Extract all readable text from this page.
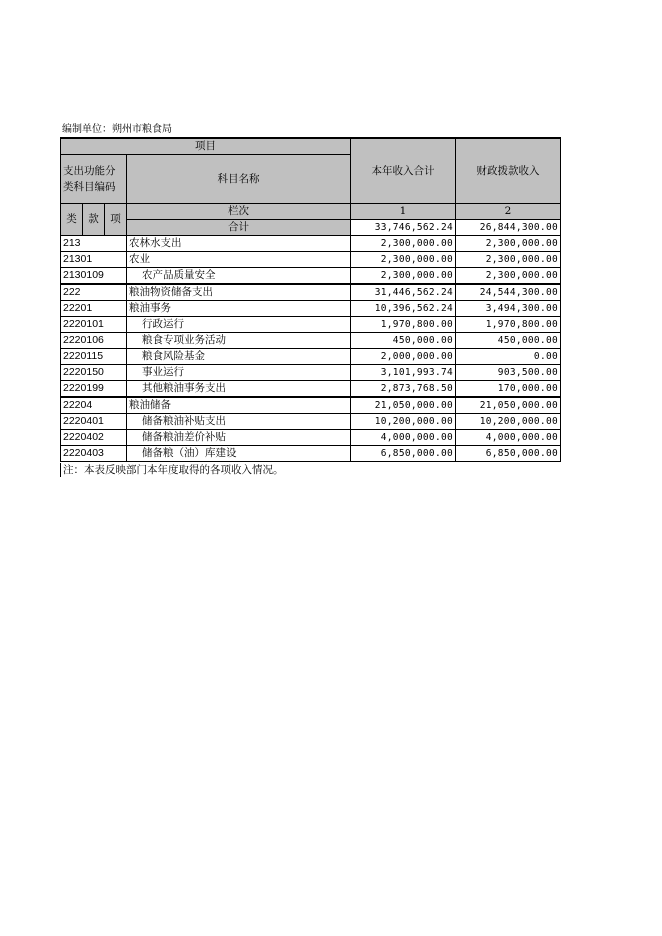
编制单位：朔州市粮食局
项目				本年收入合计	财政拨款收入
支出功能分类科目编码			科目名称		

类	款	项	栏次	1	2
			合计	33,746,562.24	26,844,300.00
213			农林水支出	2,300,000.00	2,300,000.00
21301			农业	2,300,000.00	2,300,000.00
2130109			农产品质量安全	2,300,000.00	2,300,000.00
222			粮油物资储备支出	31,446,562.24	24,544,300.00
22201			粮油事务	10,396,562.24	3,494,300.00
2220101			行政运行	1,970,800.00	1,970,800.00
2220106			粮食专项业务活动	450,000.00	450,000.00
2220115			粮食风险基金	2,000,000.00	0.00
2220150			事业运行	3,101,993.74	903,500.00
2220199			其他粮油事务支出	2,873,768.50	170,000.00
22204			粮油储备	21,050,000.00	21,050,000.00
2220401			储备粮油补贴支出	10,200,000.00	10,200,000.00
2220402			储备粮油差价补贴	4,000,000.00	4,000,000.00
2220403			储备粮（油）库建设	6,850,000.00	6,850,000.00
注：本表反映部门本年度取得的各项收入情况。
